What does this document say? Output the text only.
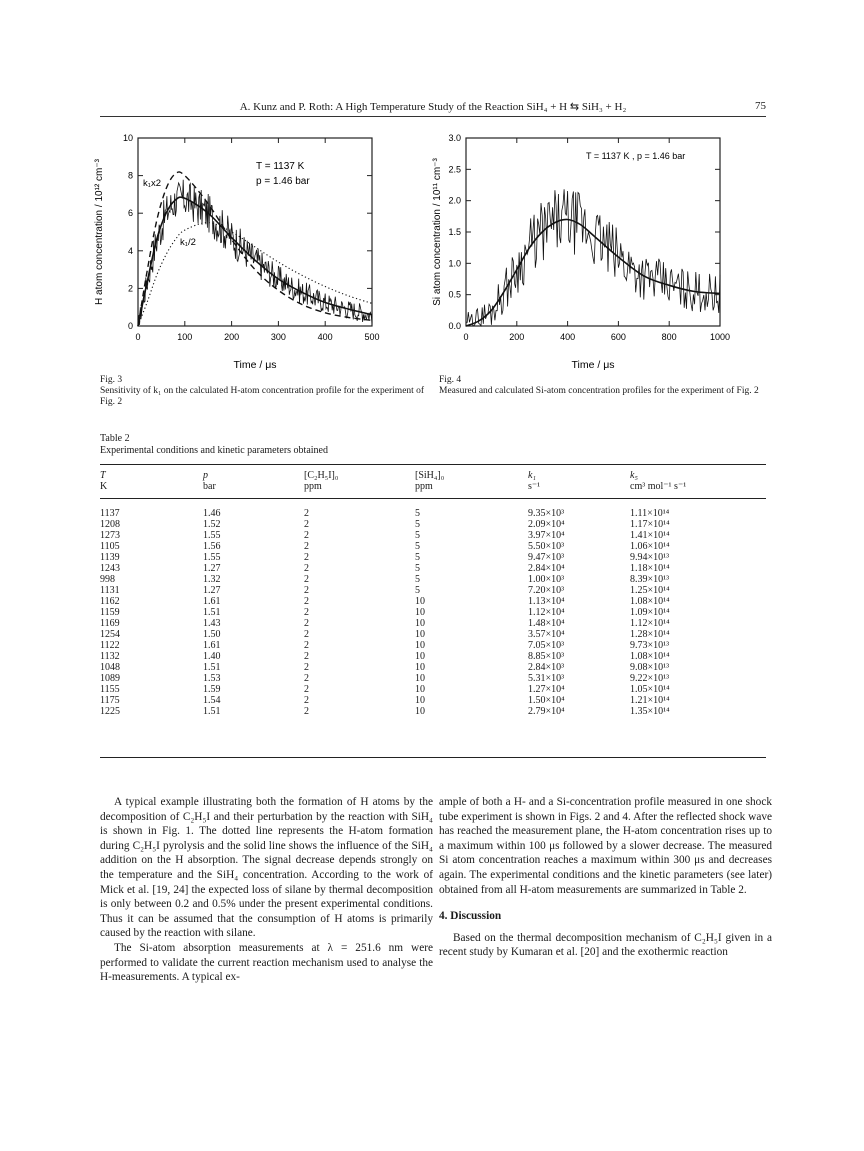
A. Kunz and P. Roth: A High Temperature Study of the Reaction SiH₄ + H ⇆ SiH₃ + H₂	75
0	100	200	300	400	500
0
2
4
6
8
10
T = 1137 K
p = 1.46 bar
k₁x2
k₁/2
Time / μs
H atom concentration / 10¹² cm⁻³
0	200	400	600	800	1000
0.0
0.5
1.0
1.5
2.0
2.5
3.0
T = 1137 K , p = 1.46 bar
Time / μs
Si atom concentration / 10¹¹ cm⁻³
Fig. 3
Sensitivity of k₁ on the calculated H-atom concentration profile for the experiment of Fig. 2
Fig. 4
Measured and calculated Si-atom concentration profiles for the experiment of Fig. 2
Table 2
Experimental conditions and kinetic parameters obtained
T	p	[C₂H₅I]₀	[SiH₄]₀	k₁	k₅
K	bar	ppm	ppm	s⁻¹	cm³ mol⁻¹ s⁻¹
1137	1.46	2	5	9.35×10³	1.11×10¹⁴
1208	1.52	2	5	2.09×10⁴	1.17×10¹⁴
1273	1.55	2	5	3.97×10⁴	1.41×10¹⁴
1105	1.56	2	5	5.50×10³	1.06×10¹⁴
1139	1.55	2	5	9.47×10³	9.94×10¹³
1243	1.27	2	5	2.84×10⁴	1.18×10¹⁴
998	1.32	2	5	1.00×10³	8.39×10¹³
1131	1.27	2	5	7.20×10³	1.25×10¹⁴
1162	1.61	2	10	1.13×10⁴	1.08×10¹⁴
1159	1.51	2	10	1.12×10⁴	1.09×10¹⁴
1169	1.43	2	10	1.48×10⁴	1.12×10¹⁴
1254	1.50	2	10	3.57×10⁴	1.28×10¹⁴
1122	1.61	2	10	7.05×10³	9.73×10¹³
1132	1.40	2	10	8.85×10³	1.08×10¹⁴
1048	1.51	2	10	2.84×10³	9.08×10¹³
1089	1.53	2	10	5.31×10³	9.22×10¹³
1155	1.59	2	10	1.27×10⁴	1.05×10¹⁴
1175	1.54	2	10	1.50×10⁴	1.21×10¹⁴
1225	1.51	2	10	2.79×10⁴	1.35×10¹⁴

A typical example illustrating both the formation of H atoms by the decomposition of C₂H₅I and their perturbation by the reaction with SiH₄ is shown in Fig. 1. The dotted line represents the H-atom formation during C₂H₅I pyrolysis and the solid line shows the influence of the SiH₄ addition on the H absorption. The signal decrease depends strongly on the temperature and the SiH₄ concentration. According to the work of Mick et al. [19, 24] the expected loss of silane by thermal decomposition is only between 0.2 and 0.5% under the present experimental conditions. Thus it can be assumed that the consumption of H atoms is primarily caused by the reaction with silane.

The Si-atom absorption measurements at λ = 251.6 nm were performed to validate the current reaction mechanism used to analyse the H-measurements. A typical ex-

ample of both a H- and a Si-concentration profile measured in one shock tube experiment is shown in Figs. 2 and 4. After the reflected shock wave has reached the measurement plane, the H-atom concentration rises up to a maximum within 100 μs followed by a slower decrease. The measured Si atom concentration reaches a maximum within 300 μs and decreases again. The experimental conditions and the kinetic parameters (see later) obtained from all H-atom measurements are summarized in Table 2.

4. Discussion

Based on the thermal decomposition mechanism of C₂H₅I given in a recent study by Kumaran et al. [20] and the exothermic reaction
